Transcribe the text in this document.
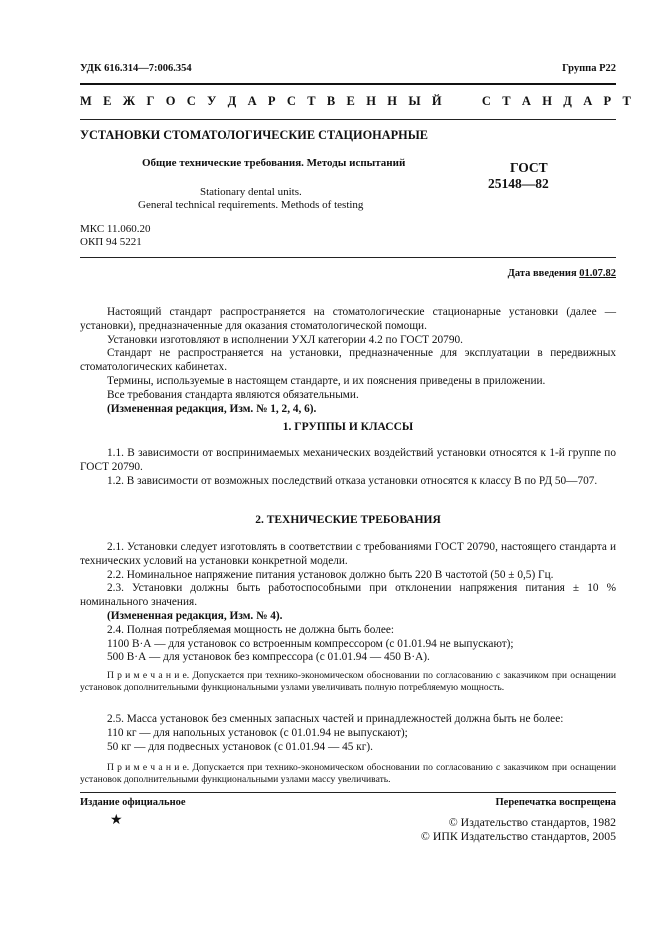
УДК 616.314—7:006.354	Группа Р22
М Е Ж Г О С У Д А Р С Т В Е Н Н Ы Й     С Т А Н Д А Р Т
УСТАНОВКИ СТОМАТОЛОГИЧЕСКИЕ СТАЦИОНАРНЫЕ
Общие технические требования. Методы испытаний
Stationary dental units.
General technical requirements. Methods of testing
ГОСТ
25148—82
МКС 11.060.20
ОКП 94 5221
Дата введения 01.07.82
Настоящий стандарт распространяется на стоматологические стационарные установки (далее — установки), предназначенные для оказания стоматологической помощи.
Установки изготовляют в исполнении УХЛ категории 4.2 по ГОСТ 20790.
Стандарт не распространяется на установки, предназначенные для эксплуатации в передвижных стоматологических кабинетах.
Термины, используемые в настоящем стандарте, и их пояснения приведены в приложении.
Все требования стандарта являются обязательными.
(Измененная редакция, Изм. № 1, 2, 4, 6).
1. ГРУППЫ И КЛАССЫ
1.1. В зависимости от воспринимаемых механических воздействий установки относятся к 1-й группе по ГОСТ 20790.
1.2. В зависимости от возможных последствий отказа установки относятся к классу В по РД 50—707.
2. ТЕХНИЧЕСКИЕ ТРЕБОВАНИЯ
2.1. Установки следует изготовлять в соответствии с требованиями ГОСТ 20790, настоящего стандарта и технических условий на установки конкретной модели.
2.2. Номинальное напряжение питания установок должно быть 220 В частотой (50 ± 0,5) Гц.
2.3. Установки должны быть работоспособными при отклонении напряжения питания ± 10 % номинального значения.
(Измененная редакция, Изм. № 4).
2.4. Полная потребляемая мощность не должна быть более:
1100 В·А — для установок со встроенным компрессором (с 01.01.94 не выпускают);
500 В·А — для установок без компрессора (с 01.01.94 — 450 В·А).
П р и м е ч а н и е. Допускается при технико-экономическом обосновании по согласованию с заказчиком при оснащении установок дополнительными функциональными узлами увеличивать полную потребляемую мощность.
2.5. Масса установок без сменных запасных частей и принадлежностей должна быть не более:
110 кг — для напольных установок (с 01.01.94 не выпускают);
50 кг — для подвесных установок (с 01.01.94 — 45 кг).
П р и м е ч а н и е. Допускается при технико-экономическом обосновании по согласованию с заказчиком при оснащении установок дополнительными функциональными узлами массу увеличивать.
Издание официальное	Перепечатка воспрещена
★	© Издательство стандартов, 1982
© ИПК Издательство стандартов, 2005
